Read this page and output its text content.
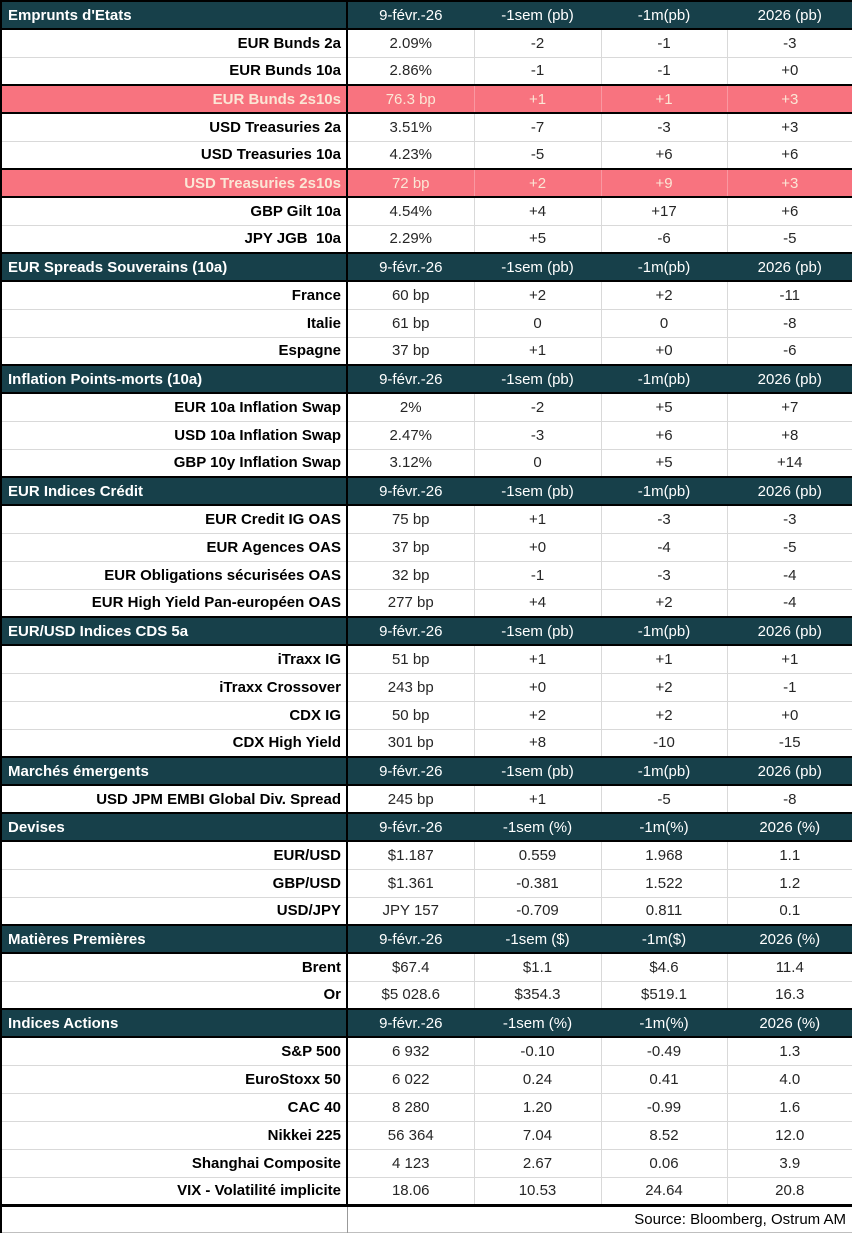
Emprunts d'Etats	9-févr.-26	-1sem (pb)	-1m(pb)	2026 (pb)
EUR Bunds 2a	2.09%	-2	-1	-3
EUR Bunds 10a	2.86%	-1	-1	+0
EUR Bunds 2s10s	76.3 bp	+1	+1	+3
USD Treasuries 2a	3.51%	-7	-3	+3
USD Treasuries 10a	4.23%	-5	+6	+6
USD Treasuries 2s10s	72 bp	+2	+9	+3
GBP Gilt 10a	4.54%	+4	+17	+6
JPY JGB  10a	2.29%	+5	-6	-5
EUR Spreads Souverains (10a)	9-févr.-26	-1sem (pb)	-1m(pb)	2026 (pb)
France	60 bp	+2	+2	-11
Italie	61 bp	0	0	-8
Espagne	37 bp	+1	+0	-6
Inflation Points-morts (10a)	9-févr.-26	-1sem (pb)	-1m(pb)	2026 (pb)
EUR 10a Inflation Swap	2%	-2	+5	+7
USD 10a Inflation Swap	2.47%	-3	+6	+8
GBP 10y Inflation Swap	3.12%	0	+5	+14
EUR Indices Crédit	9-févr.-26	-1sem (pb)	-1m(pb)	2026 (pb)
EUR Credit IG OAS	75 bp	+1	-3	-3
EUR Agences OAS	37 bp	+0	-4	-5
EUR Obligations sécurisées OAS	32 bp	-1	-3	-4
EUR High Yield Pan-européen OAS	277 bp	+4	+2	-4
EUR/USD Indices CDS 5a	9-févr.-26	-1sem (pb)	-1m(pb)	2026 (pb)
iTraxx IG	51 bp	+1	+1	+1
iTraxx Crossover	243 bp	+0	+2	-1
CDX IG	50 bp	+2	+2	+0
CDX High Yield	301 bp	+8	-10	-15
Marchés émergents	9-févr.-26	-1sem (pb)	-1m(pb)	2026 (pb)
USD JPM EMBI Global Div. Spread	245 bp	+1	-5	-8
Devises	9-févr.-26	-1sem (%)	-1m(%)	2026 (%)
EUR/USD	$1.187	0.559	1.968	1.1
GBP/USD	$1.361	-0.381	1.522	1.2
USD/JPY	JPY 157	-0.709	0.811	0.1
Matières Premières	9-févr.-26	-1sem ($)	-1m($)	2026 (%)
Brent	$67.4	$1.1	$4.6	11.4
Or	$5 028.6	$354.3	$519.1	16.3
Indices Actions	9-févr.-26	-1sem (%)	-1m(%)	2026 (%)
S&P 500	6 932	-0.10	-0.49	1.3
EuroStoxx 50	6 022	0.24	0.41	4.0
CAC 40	8 280	1.20	-0.99	1.6
Nikkei 225	56 364	7.04	8.52	12.0
Shanghai Composite	4 123	2.67	0.06	3.9
VIX - Volatilité implicite	18.06	10.53	24.64	20.8
	Source: Bloomberg, Ostrum AM			
